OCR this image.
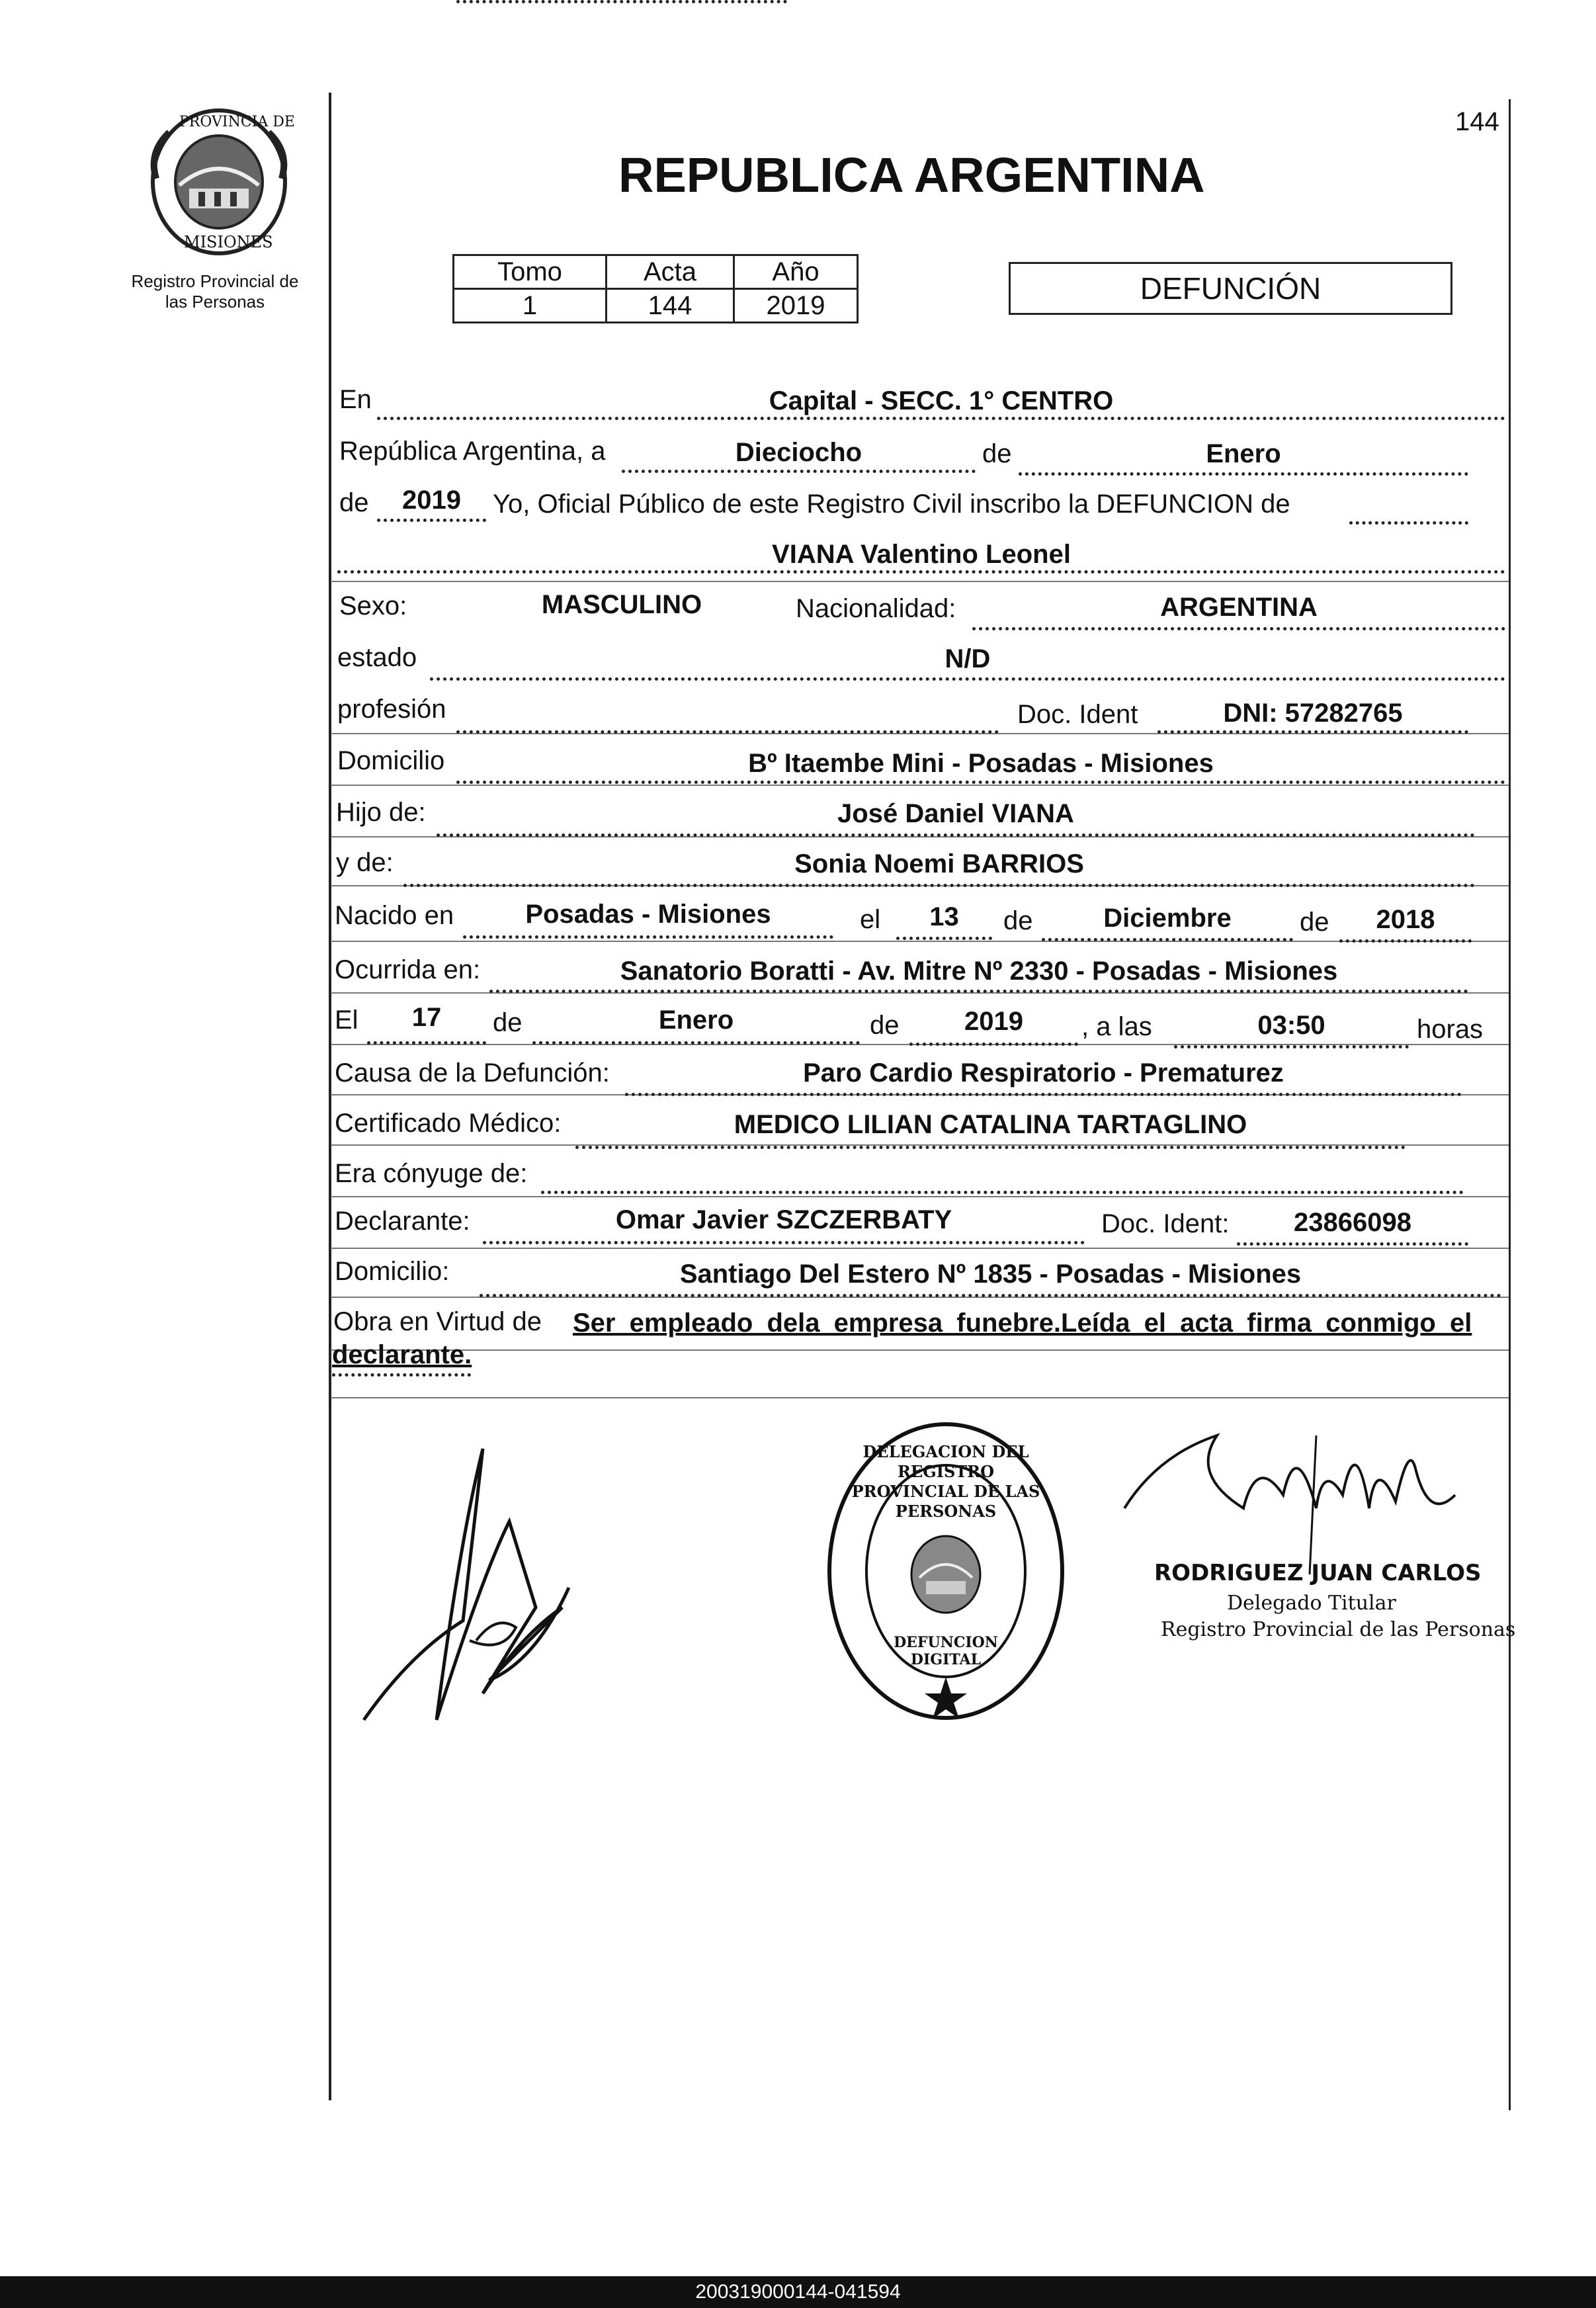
144
PROVINCIA DE
MISIONES
Registro Provincial de
las Personas
REPUBLICA ARGENTINA
Tomo	Acta	Año
1	144	2019	DEFUNCIÓN
En	Capital - SECC. 1° CENTRO
República Argentina, a	Dieciocho	de	Enero
de	2019	Yo, Oficial Público de este Registro Civil inscribo la DEFUNCION de
VIANA Valentino Leonel
Sexo:	MASCULINO	Nacionalidad:	ARGENTINA
estado	N/D
profesión	Doc. Ident	DNI: 57282765
Domicilio	Bº Itaembe Mini - Posadas - Misiones
Hijo de:	José Daniel VIANA
y de:	Sonia Noemi BARRIOS
Nacido en	Posadas - Misiones	el	13	de	Diciembre	de	2018
Ocurrida en:	Sanatorio Boratti - Av. Mitre Nº 2330 - Posadas - Misiones
El	17	de	Enero	de	2019	, a las	03:50	horas
Causa de la Defunción:	Paro Cardio Respiratorio - Prematurez
Certificado Médico:	MEDICO LILIAN CATALINA TARTAGLINO
Era cónyuge de:
Declarante:	Omar Javier SZCZERBATY	Doc. Ident:	23866098
Domicilio:	Santiago Del Estero Nº 1835 - Posadas - Misiones
Obra en Virtud de Ser empleado dela empresa funebre.Leída el acta firma conmigo el
declarante.
DELEGACION DEL REGISTRO PROVINCIAL DE LAS PERSONAS
DEFUNCION DIGITAL
RODRIGUEZ JUAN CARLOS
Delegado Titular
Registro Provincial de las Personas
200319000144-041594
